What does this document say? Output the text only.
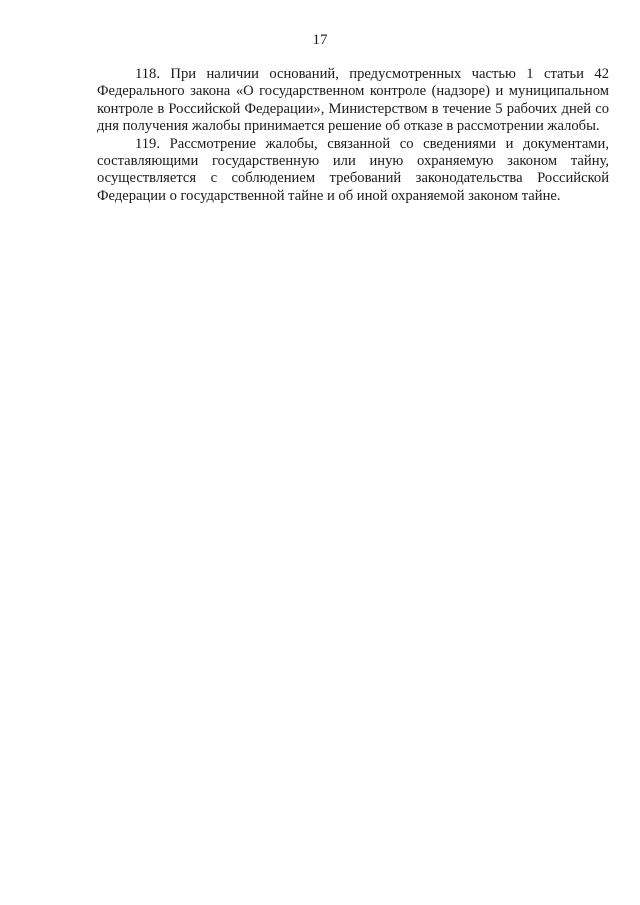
17

118. При наличии оснований, предусмотренных частью 1 статьи 42 Федерального закона «О государственном контроле (надзоре) и муниципальном контроле в Российской Федерации», Министерством в течение 5 рабочих дней со дня получения жалобы принимается решение об отказе в рассмотрении жалобы.

119. Рассмотрение жалобы, связанной со сведениями и документами, составляющими государственную или иную охраняемую законом тайну, осуществляется с соблюдением требований законодательства Российской Федерации о государственной тайне и об иной охраняемой законом тайне.
